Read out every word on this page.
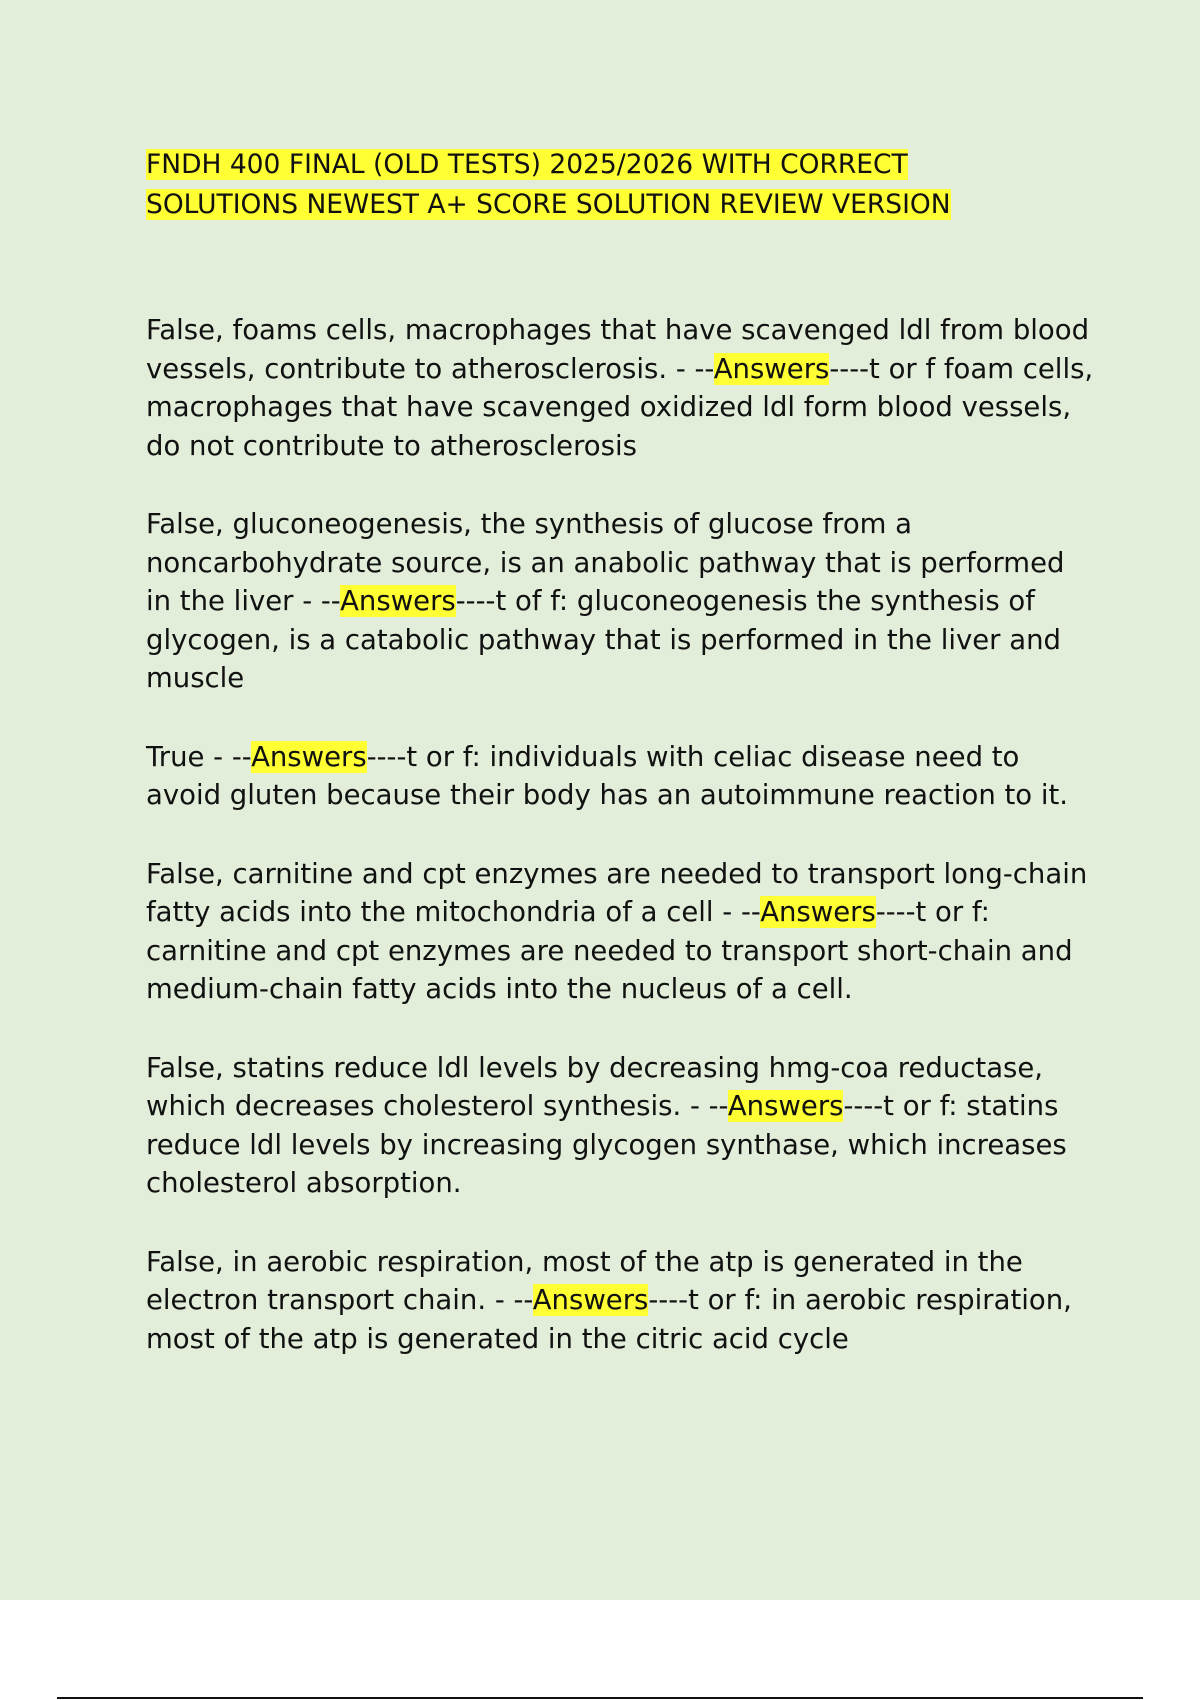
FNDH 400 FINAL (OLD TESTS) 2025/2026 WITH CORRECT
SOLUTIONS NEWEST A+ SCORE SOLUTION REVIEW VERSION

False, foams cells, macrophages that have scavenged ldl from blood vessels, contribute to atherosclerosis. - --Answers----t or f foam cells, macrophages that have scavenged oxidized ldl form blood vessels, do not contribute to atherosclerosis

False, gluconeogenesis, the synthesis of glucose from a noncarbohydrate source, is an anabolic pathway that is performed in the liver - --Answers----t of f: gluconeogenesis the synthesis of glycogen, is a catabolic pathway that is performed in the liver and muscle

True - --Answers----t or f: individuals with celiac disease need to avoid gluten because their body has an autoimmune reaction to it.

False, carnitine and cpt enzymes are needed to transport long-chain fatty acids into the mitochondria of a cell - --Answers----t or f: carnitine and cpt enzymes are needed to transport short-chain and medium-chain fatty acids into the nucleus of a cell.

False, statins reduce ldl levels by decreasing hmg-coa reductase, which decreases cholesterol synthesis. - --Answers----t or f: statins reduce ldl levels by increasing glycogen synthase, which increases cholesterol absorption.

False, in aerobic respiration, most of the atp is generated in the electron transport chain. - --Answers----t or f: in aerobic respiration, most of the atp is generated in the citric acid cycle
